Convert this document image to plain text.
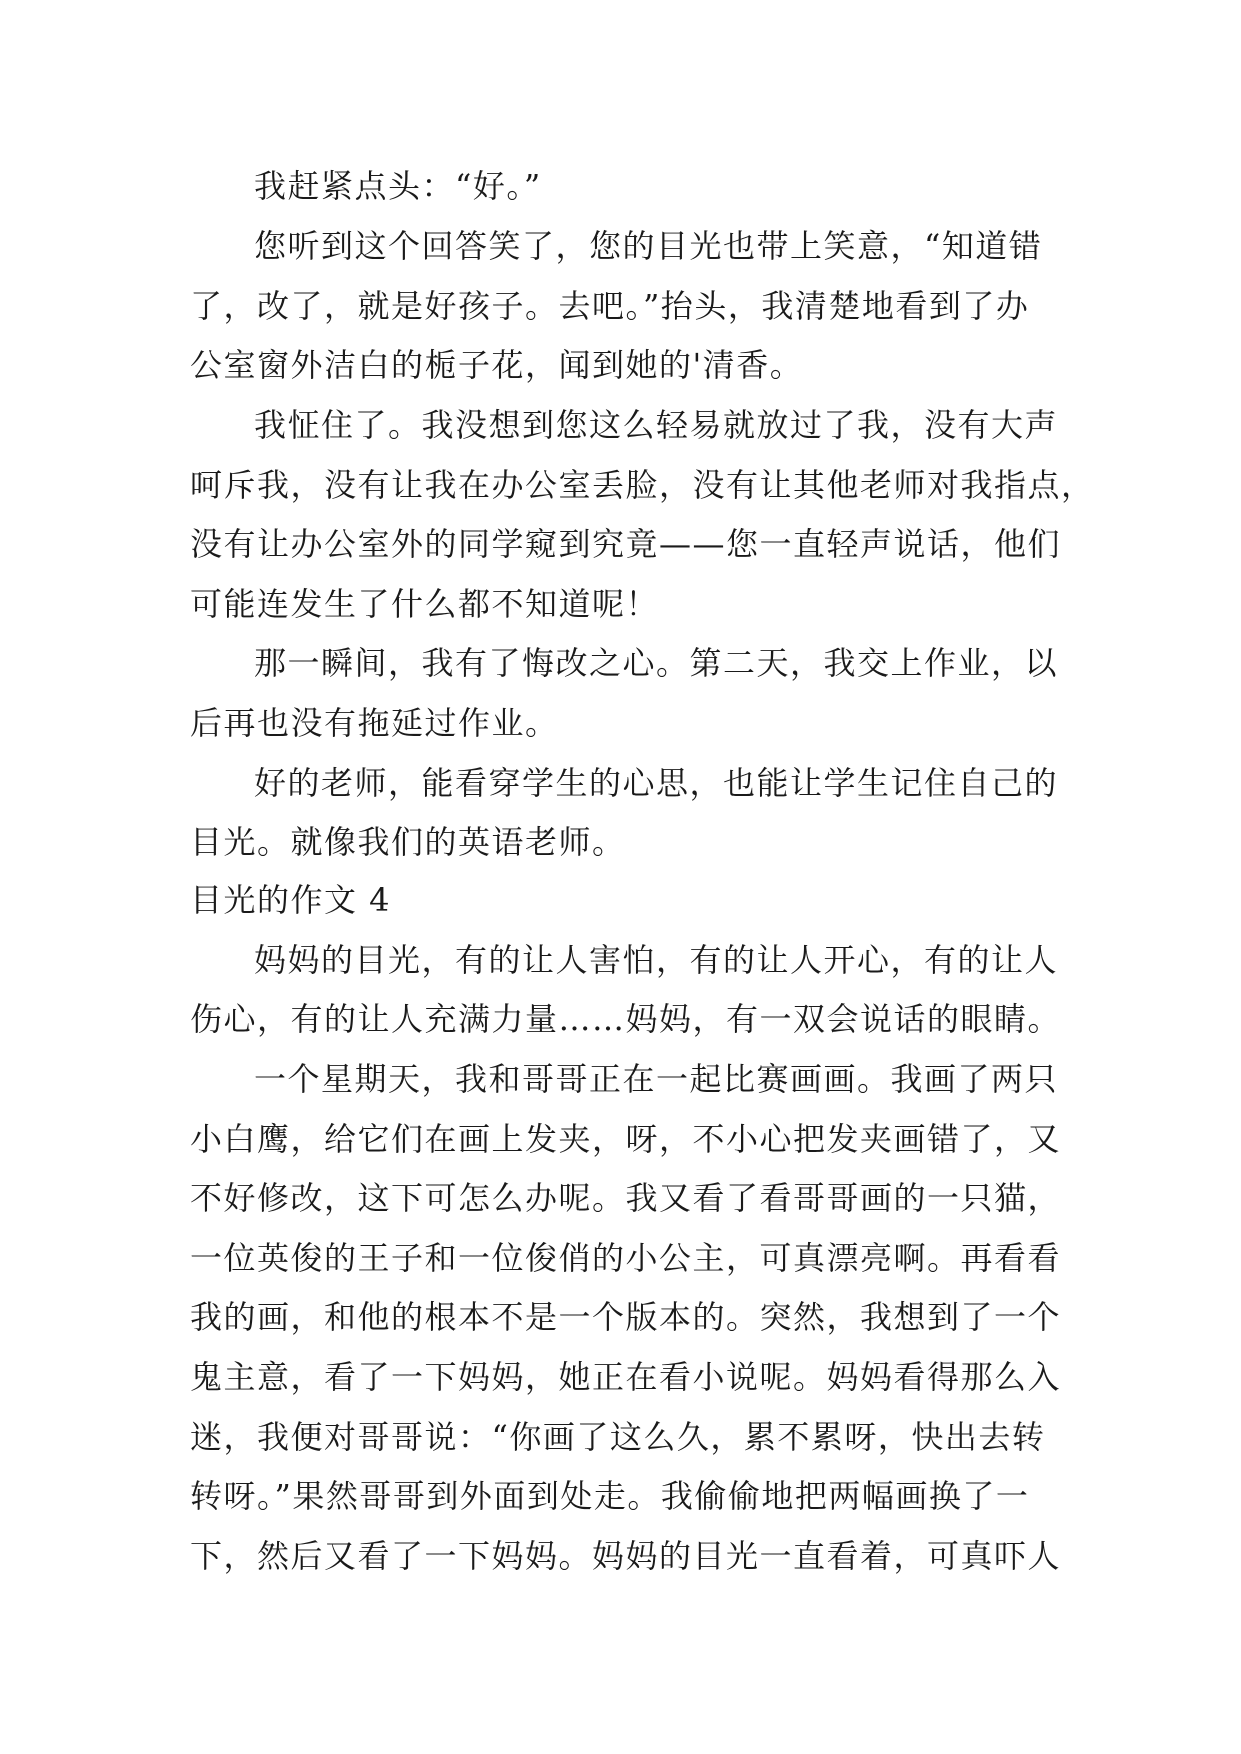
我赶紧点头：“好。”
您听到这个回答笑了，您的目光也带上笑意，“知道错
了，改了，就是好孩子。去吧。”抬头，我清楚地看到了办
公室窗外洁白的栀子花，闻到她的'清香。
我怔住了。我没想到您这么轻易就放过了我，没有大声
呵斥我，没有让我在办公室丢脸，没有让其他老师对我指点，
没有让办公室外的同学窥到究竟——您一直轻声说话，他们
可能连发生了什么都不知道呢！
那一瞬间，我有了悔改之心。第二天，我交上作业，以
后再也没有拖延过作业。
好的老师，能看穿学生的心思，也能让学生记住自己的
目光。就像我们的英语老师。
目光的作文 4
妈妈的目光，有的让人害怕，有的让人开心，有的让人
伤心，有的让人充满力量……妈妈，有一双会说话的眼睛。
一个星期天，我和哥哥正在一起比赛画画。我画了两只
小白鹰，给它们在画上发夹，呀，不小心把发夹画错了，又
不好修改，这下可怎么办呢。我又看了看哥哥画的一只猫，
一位英俊的王子和一位俊俏的小公主，可真漂亮啊。再看看
我的画，和他的根本不是一个版本的。突然，我想到了一个
鬼主意，看了一下妈妈，她正在看小说呢。妈妈看得那么入
迷，我便对哥哥说：“你画了这么久，累不累呀，快出去转
转呀。”果然哥哥到外面到处走。我偷偷地把两幅画换了一
下，然后又看了一下妈妈。妈妈的目光一直看着，可真吓人
